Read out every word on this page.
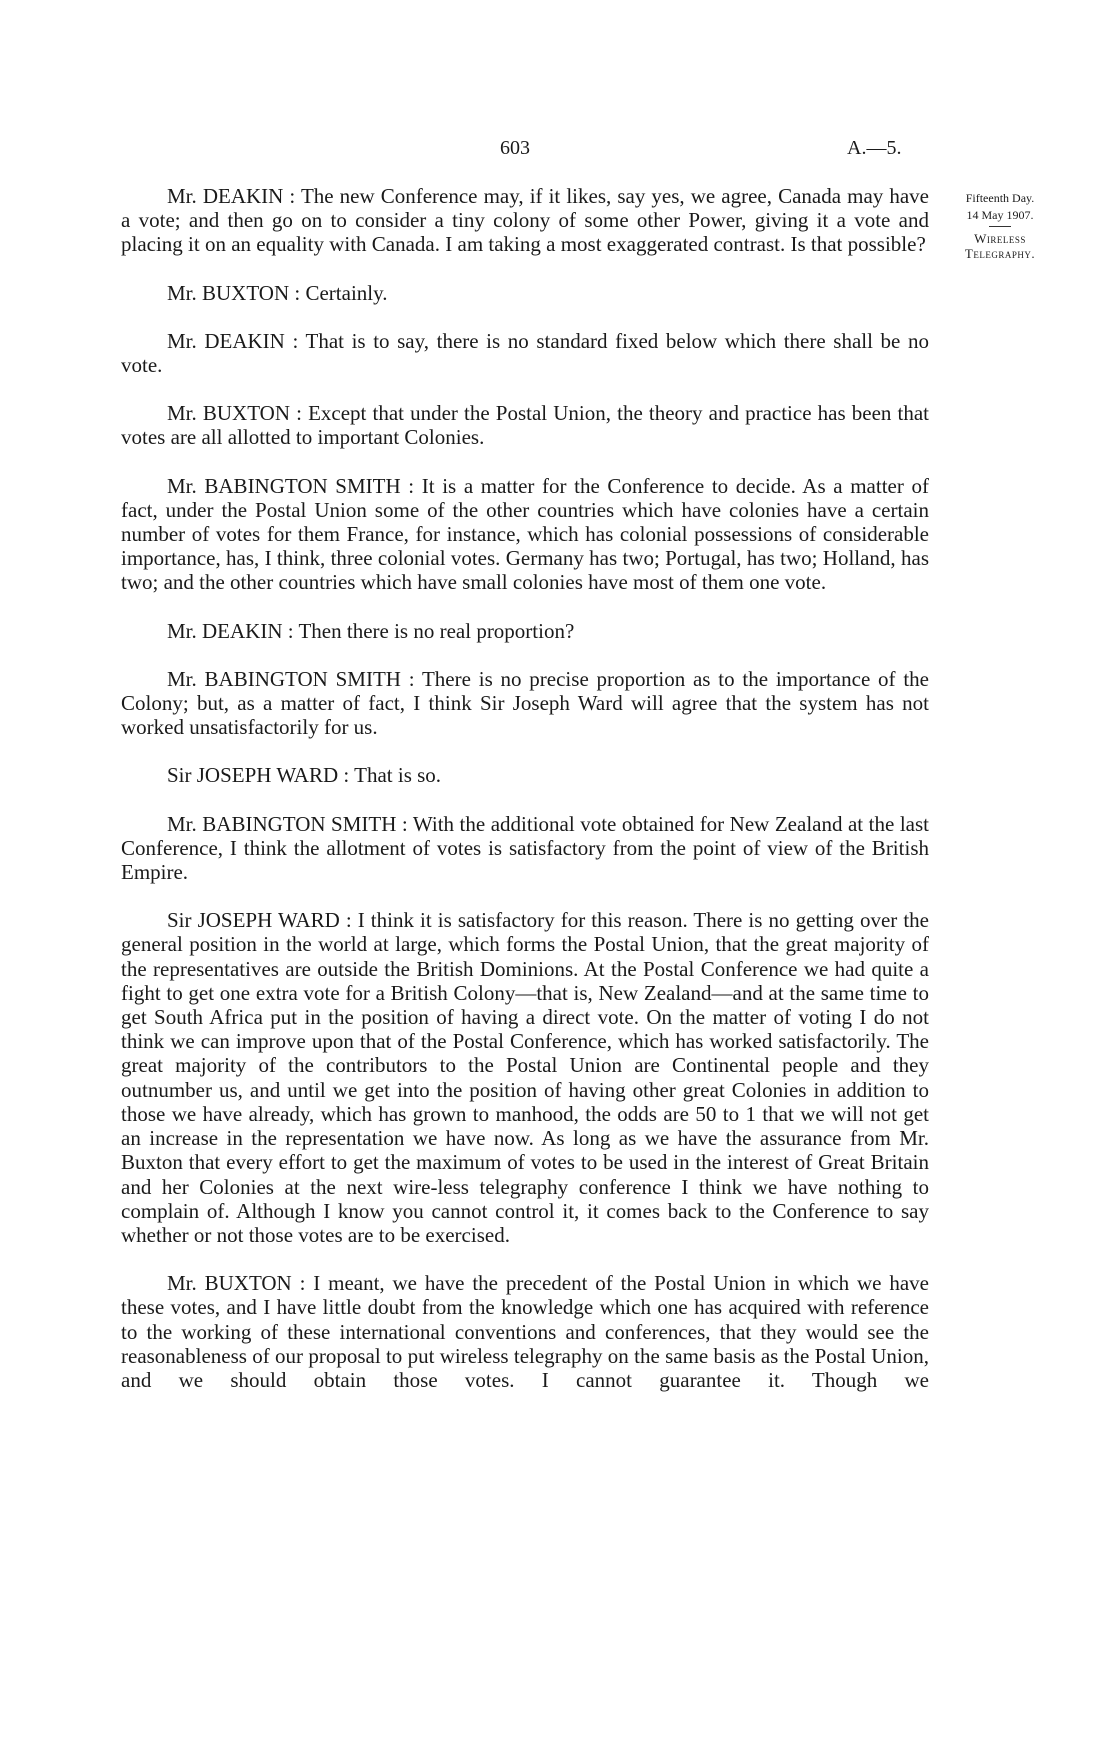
603	A.—5.
Fifteenth Day.
14 May 1907.
Wireless
Telegraphy.

Mr. DEAKIN : The new Conference may, if it likes, say yes, we agree, Canada may have a vote; and then go on to consider a tiny colony of some other Power, giving it a vote and placing it on an equality with Canada. I am taking a most exaggerated contrast. Is that possible?

Mr. BUXTON : Certainly.

Mr. DEAKIN : That is to say, there is no standard fixed below which there shall be no vote.

Mr. BUXTON : Except that under the Postal Union, the theory and practice has been that votes are all allotted to important Colonies.

Mr. BABINGTON SMITH : It is a matter for the Conference to decide. As a matter of fact, under the Postal Union some of the other countries which have colonies have a certain number of votes for them France, for instance, which has colonial possessions of considerable importance, has, I think, three colonial votes. Germany has two; Portugal, has two; Holland, has two; and the other countries which have small colonies have most of them one vote.

Mr. DEAKIN : Then there is no real proportion?

Mr. BABINGTON SMITH : There is no precise proportion as to the importance of the Colony; but, as a matter of fact, I think Sir Joseph Ward will agree that the system has not worked unsatisfactorily for us.

Sir JOSEPH WARD : That is so.

Mr. BABINGTON SMITH : With the additional vote obtained for New Zealand at the last Conference, I think the allotment of votes is satisfactory from the point of view of the British Empire.

Sir JOSEPH WARD : I think it is satisfactory for this reason. There is no getting over the general position in the world at large, which forms the Postal Union, that the great majority of the representatives are outside the British Dominions. At the Postal Conference we had quite a fight to get one extra vote for a British Colony—that is, New Zealand—and at the same time to get South Africa put in the position of having a direct vote. On the matter of voting I do not think we can improve upon that of the Postal Conference, which has worked satisfactorily. The great majority of the contributors to the Postal Union are Continental people and they outnumber us, and until we get into the position of having other great Colonies in addition to those we have already, which has grown to manhood, the odds are 50 to 1 that we will not get an increase in the representation we have now. As long as we have the assurance from Mr. Buxton that every effort to get the maximum of votes to be used in the interest of Great Britain and her Colonies at the next wire-less telegraphy conference I think we have nothing to complain of. Although I know you cannot control it, it comes back to the Conference to say whether or not those votes are to be exercised.

Mr. BUXTON : I meant, we have the precedent of the Postal Union in which we have these votes, and I have little doubt from the knowledge which one has acquired with reference to the working of these international conventions and conferences, that they would see the reasonableness of our proposal to put wireless telegraphy on the same basis as the Postal Union, and we should obtain those votes. I cannot guarantee it. Though we
